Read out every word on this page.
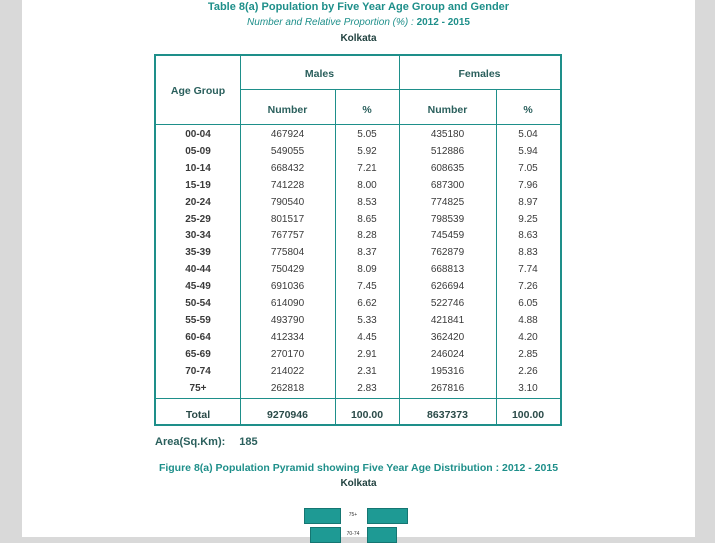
Table 8(a) Population by Five Year Age Group and Gender
Number and Relative Proportion (%) : 2012 - 2015
Kolkata
Age Group
Males	Females
Number	%	Number	%
00-04	467924	5.05	435180	5.04
05-09	549055	5.92	512886	5.94
10-14	668432	7.21	608635	7.05
15-19	741228	8.00	687300	7.96
20-24	790540	8.53	774825	8.97
25-29	801517	8.65	798539	9.25
30-34	767757	8.28	745459	8.63
35-39	775804	8.37	762879	8.83
40-44	750429	8.09	668813	7.74
45-49	691036	7.45	626694	7.26
50-54	614090	6.62	522746	6.05
55-59	493790	5.33	421841	4.88
60-64	412334	4.45	362420	4.20
65-69	270170	2.91	246024	2.85
70-74	214022	2.31	195316	2.26
75+	262818	2.83	267816	3.10
Total	9270946	100.00	8637373	100.00
Area(Sq.Km): 185
Figure 8(a) Population Pyramid showing Five Year Age Distribution : 2012 - 2015
Kolkata
75+
70-74
